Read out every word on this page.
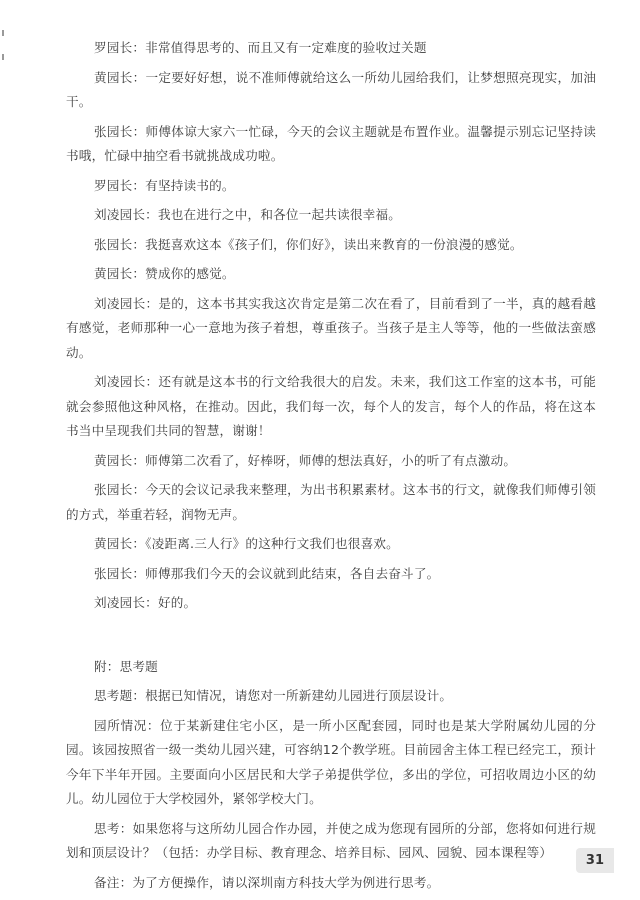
罗园长：非常值得思考的、而且又有一定难度的验收过关题

黄园长：一定要好好想，说不准师傅就给这么一所幼儿园给我们，让梦想照亮现实，加油干。

张园长：师傅体谅大家六一忙碌，今天的会议主题就是布置作业。温馨提示别忘记坚持读书哦，忙碌中抽空看书就挑战成功啦。

罗园长：有坚持读书的。

刘凌园长：我也在进行之中，和各位一起共读很幸福。

张园长：我挺喜欢这本《孩子们，你们好》，读出来教育的一份浪漫的感觉。

黄园长：赞成你的感觉。

刘凌园长：是的，这本书其实我这次肯定是第二次在看了，目前看到了一半，真的越看越有感觉，老师那种一心一意地为孩子着想，尊重孩子。当孩子是主人等等，他的一些做法蛮感动。

刘凌园长：还有就是这本书的行文给我很大的启发。未来，我们这工作室的这本书，可能就会参照他这种风格，在推动。因此，我们每一次，每个人的发言，每个人的作品，将在这本书当中呈现我们共同的智慧，谢谢！

黄园长：师傅第二次看了，好棒呀，师傅的想法真好，小的听了有点激动。

张园长：今天的会议记录我来整理，为出书积累素材。这本书的行文，就像我们师傅引领的方式，举重若轻，润物无声。

黄园长：《凌距离.三人行》的这种行文我们也很喜欢。

张园长：师傅那我们今天的会议就到此结束，各自去奋斗了。

刘凌园长：好的。

附：思考题

思考题：根据已知情况，请您对一所新建幼儿园进行顶层设计。

园所情况：位于某新建住宅小区，是一所小区配套园，同时也是某大学附属幼儿园的分园。该园按照省一级一类幼儿园兴建，可容纳12个教学班。目前园舍主体工程已经完工，预计今年下半年开园。主要面向小区居民和大学子弟提供学位，多出的学位，可招收周边小区的幼儿。幼儿园位于大学校园外，紧邻学校大门。

思考：如果您将与这所幼儿园合作办园，并使之成为您现有园所的分部，您将如何进行规划和顶层设计？（包括：办学目标、教育理念、培养目标、园风、园貌、园本课程等）

备注：为了方便操作，请以深圳南方科技大学为例进行思考。

31
